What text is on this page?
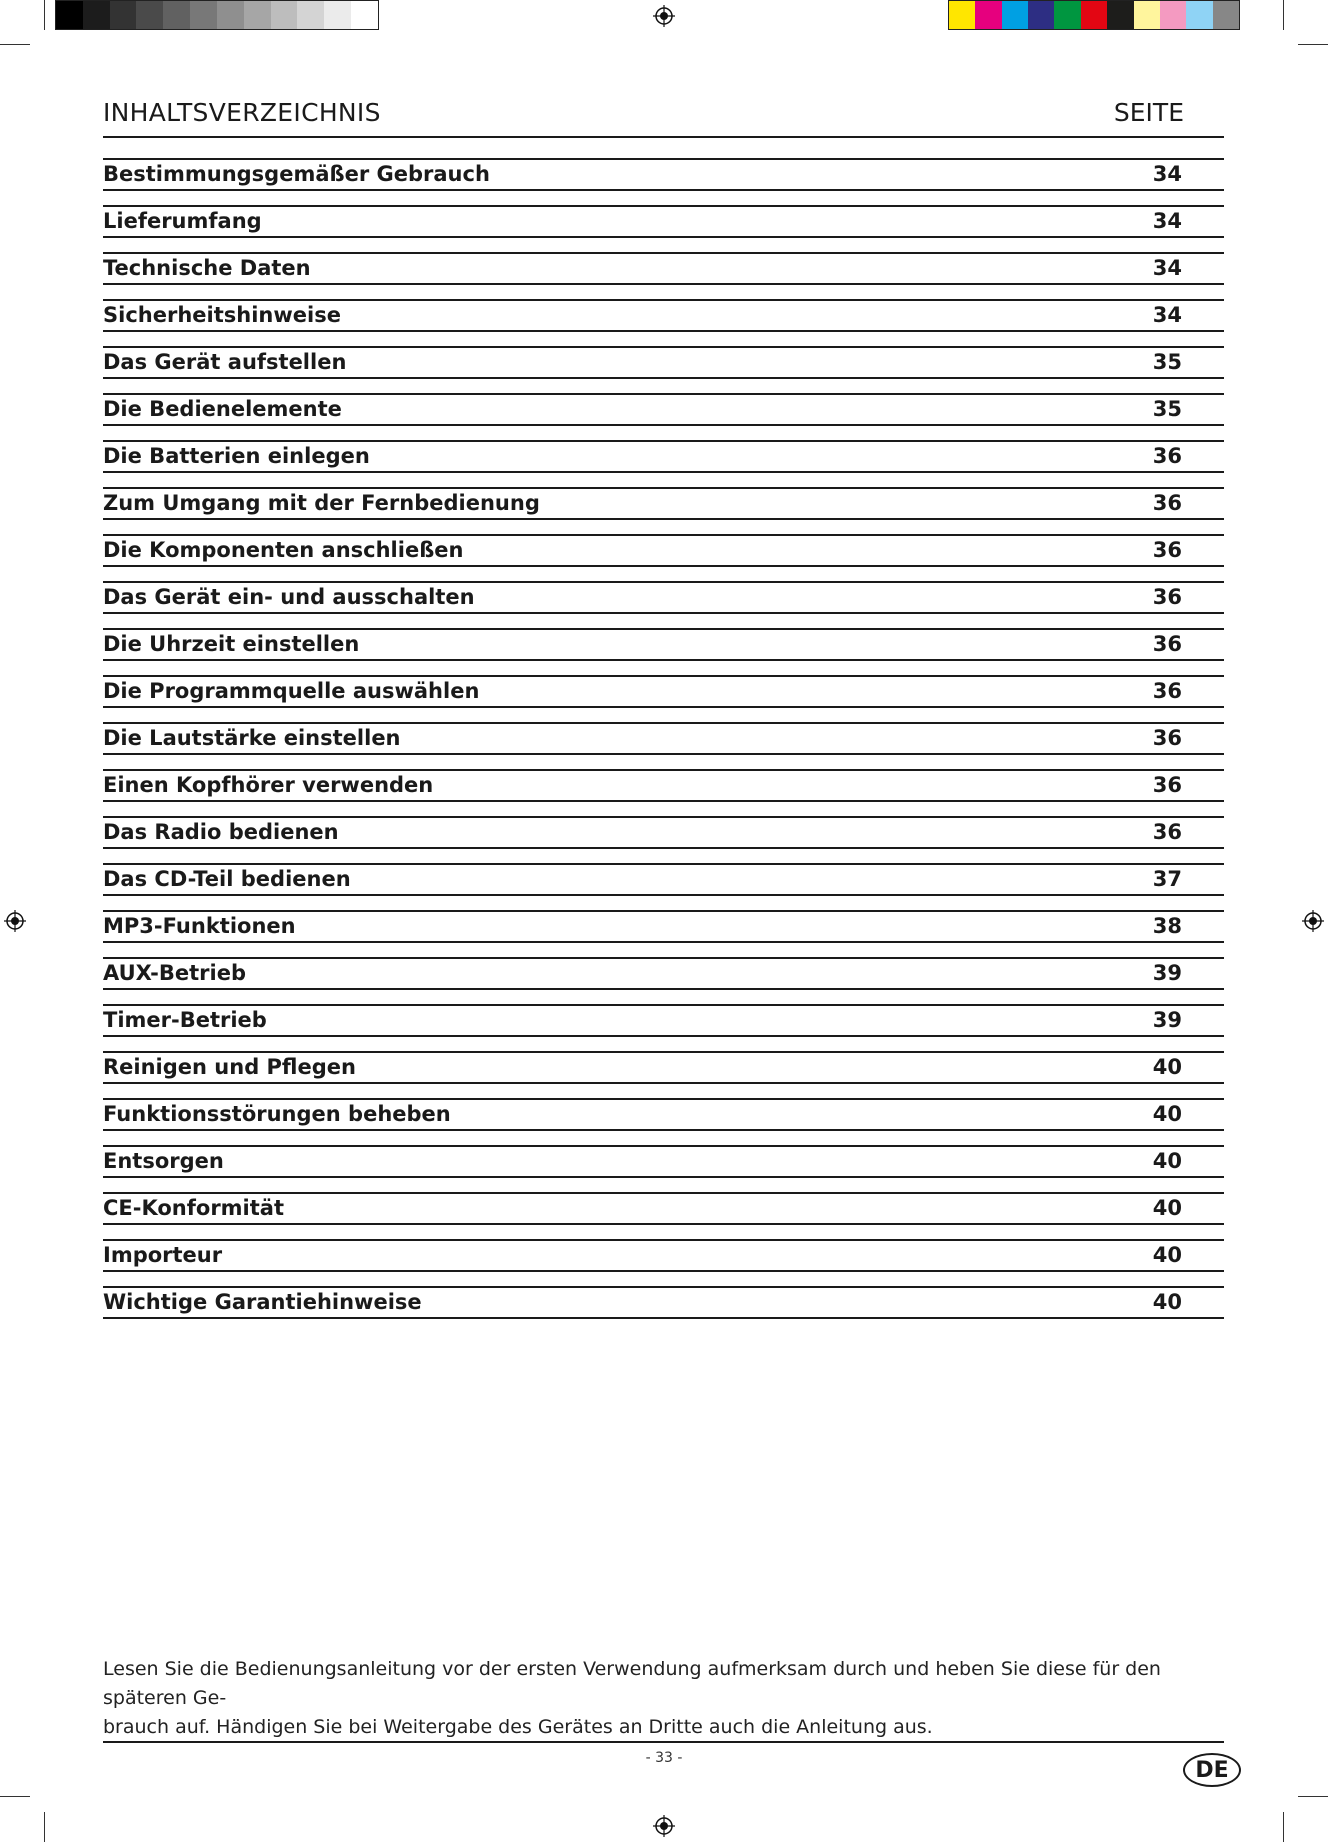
INHALTSVERZEICHNIS	SEITE
Bestimmungsgemäßer Gebrauch	34
Lieferumfang	34
Technische Daten	34
Sicherheitshinweise	34
Das Gerät aufstellen	35
Die Bedienelemente	35
Die Batterien einlegen	36
Zum Umgang mit der Fernbedienung	36
Die Komponenten anschließen	36
Das Gerät ein- und ausschalten	36
Die Uhrzeit einstellen	36
Die Programmquelle auswählen	36
Die Lautstärke einstellen	36
Einen Kopfhörer verwenden	36
Das Radio bedienen	36
Das CD-Teil bedienen	37
MP3-Funktionen	38
AUX-Betrieb	39
Timer-Betrieb	39
Reinigen und Pflegen	40
Funktionsstörungen beheben	40
Entsorgen	40
CE-Konformität	40
Importeur	40
Wichtige Garantiehinweise	40
Lesen Sie die Bedienungsanleitung vor der ersten Verwendung aufmerksam durch und heben Sie diese für den späteren Ge-
brauch auf. Händigen Sie bei Weitergabe des Gerätes an Dritte auch die Anleitung aus.
- 33 -	DE
